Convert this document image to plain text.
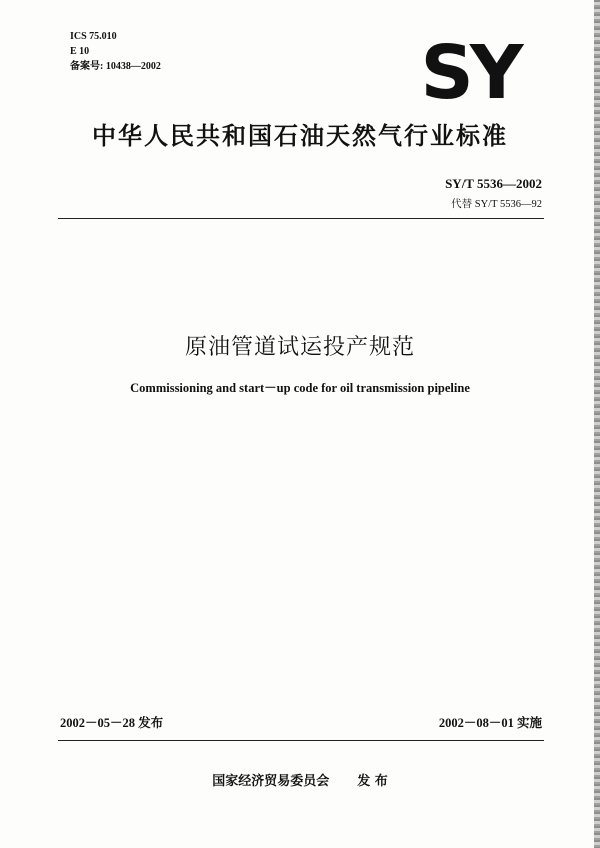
ICS 75.010
E 10
备案号: 10438—2002	SY
中华人民共和国石油天然气行业标准
SY/T 5536—2002
代替 SY/T 5536—92
原油管道试运投产规范
Commissioning and start－up code for oil transmission pipeline
2002－05－28 发布	2002－08－01 实施
国家经济贸易委员会 发 布
